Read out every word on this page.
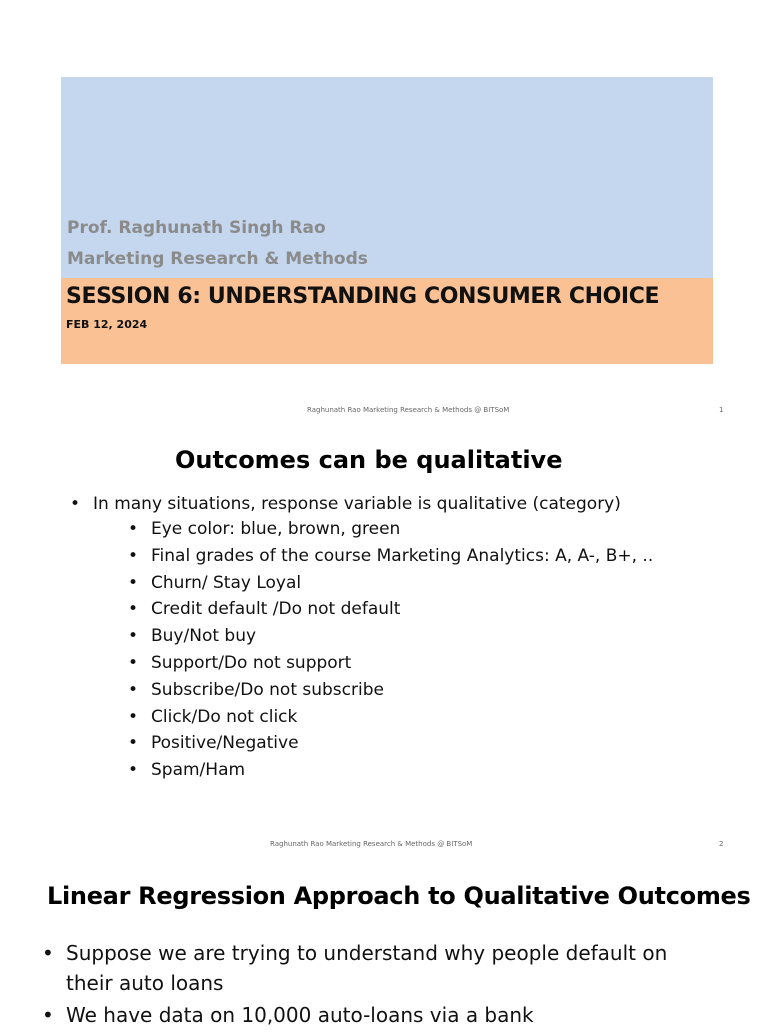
Prof. Raghunath Singh Rao
Marketing Research & Methods
SESSION 6: UNDERSTANDING CONSUMER CHOICE
FEB 12, 2024
Raghunath Rao Marketing Research & Methods @ BITSoM	1
Outcomes can be qualitative
• In many situations, response variable is qualitative (category)
• Eye color: blue, brown, green
• Final grades of the course Marketing Analytics: A, A-, B+, ..
• Churn/ Stay Loyal
• Credit default /Do not default
• Buy/Not buy
• Support/Do not support
• Subscribe/Do not subscribe
• Click/Do not click
• Positive/Negative
• Spam/Ham
Raghunath Rao Marketing Research & Methods @ BITSoM	2
Linear Regression Approach to Qualitative Outcomes
• Suppose we are trying to understand why people default on
their auto loans
• We have data on 10,000 auto-loans via a bank
